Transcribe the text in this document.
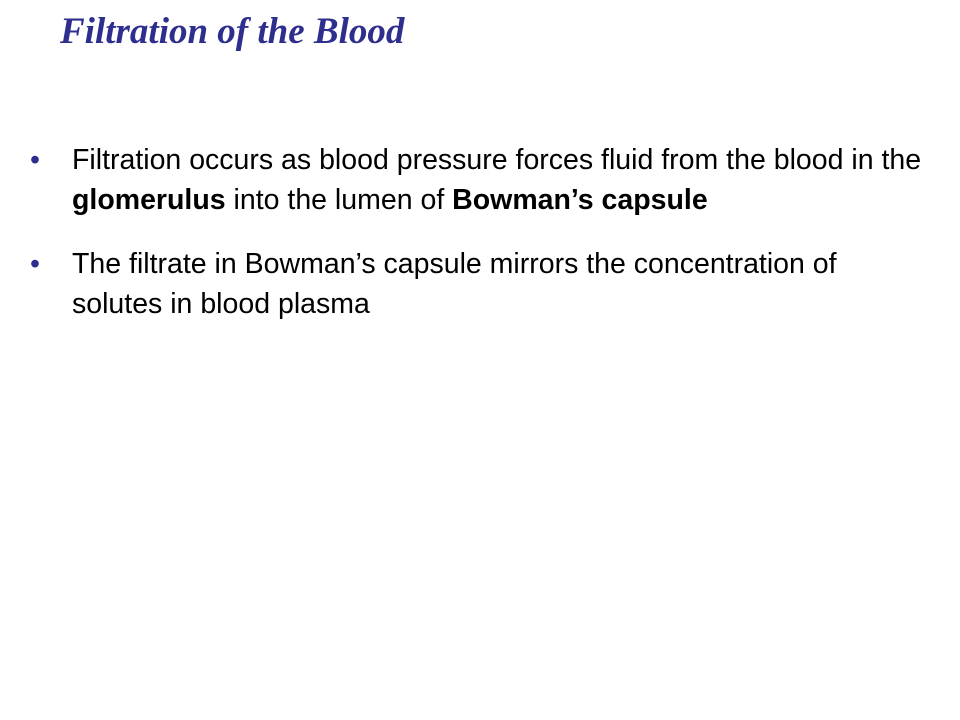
Filtration of the Blood
• Filtration occurs as blood pressure forces fluid from the blood in the glomerulus into the lumen of Bowman’s capsule
• The filtrate in Bowman’s capsule mirrors the concentration of solutes in blood plasma
